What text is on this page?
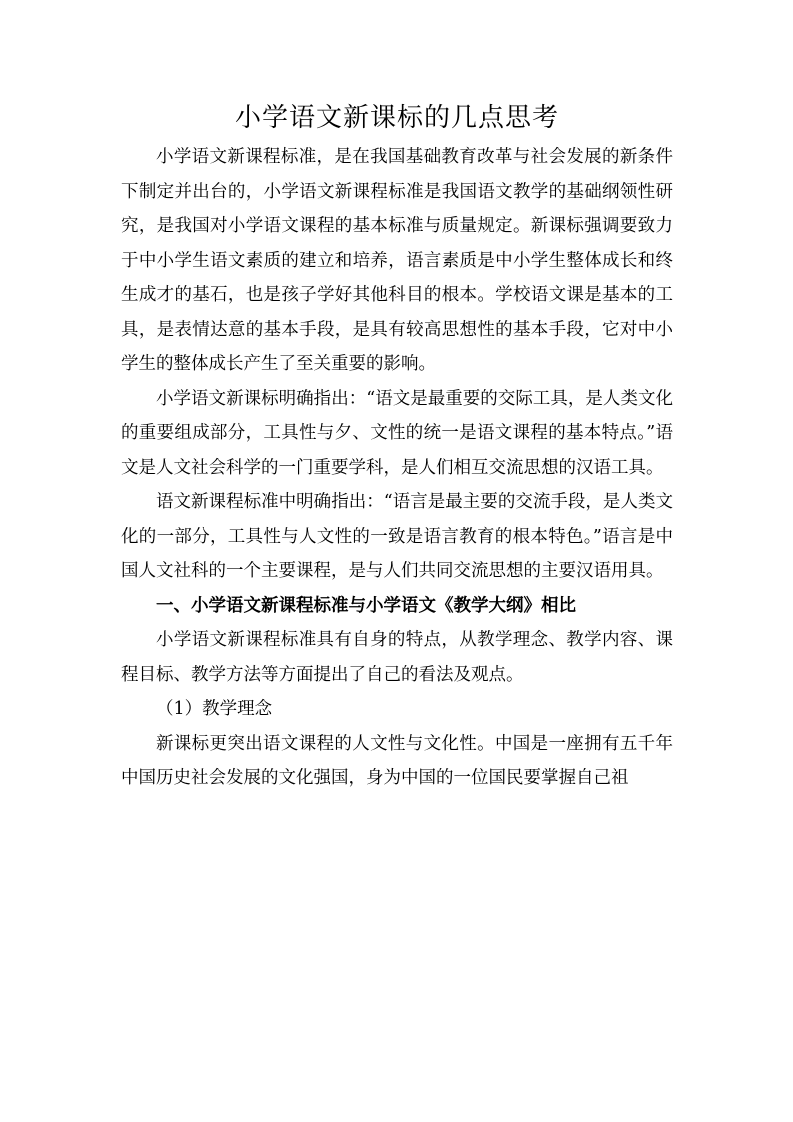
小学语文新课标的几点思考

小学语文新课程标准，是在我国基础教育改革与社会发展的新条件下制定并出台的，小学语文新课程标准是我国语文教学的基础纲领性研究，是我国对小学语文课程的基本标准与质量规定。新课标强调要致力于中小学生语文素质的建立和培养，语言素质是中小学生整体成长和终生成才的基石，也是孩子学好其他科目的根本。学校语文课是基本的工具，是表情达意的基本手段，是具有较高思想性的基本手段，它对中小学生的整体成长产生了至关重要的影响。

小学语文新课标明确指出：“语文是最重要的交际工具，是人类文化的重要组成部分，工具性与夕、文性的统一是语文课程的基本特点。”语文是人文社会科学的一门重要学科，是人们相互交流思想的汉语工具。

语文新课程标准中明确指出：“语言是最主要的交流手段，是人类文化的一部分，工具性与人文性的一致是语言教育的根本特色。”语言是中国人文社科的一个主要课程，是与人们共同交流思想的主要汉语用具。

一、小学语文新课程标准与小学语文《教学大纲》相比

小学语文新课程标准具有自身的特点，从教学理念、教学内容、课程目标、教学方法等方面提出了自己的看法及观点。

（1）教学理念

新课标更突出语文课程的人文性与文化性。中国是一座拥有五千年中国历史社会发展的文化强国，身为中国的一位国民要掌握自己祖
